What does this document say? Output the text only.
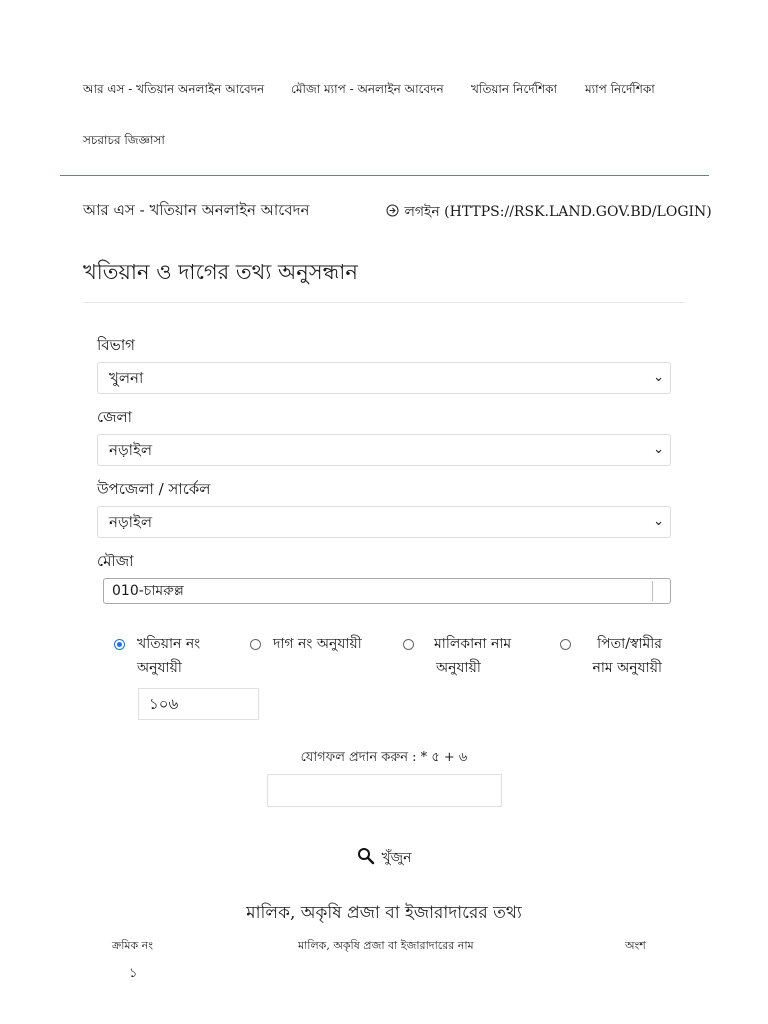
আর এস - খতিয়ান অনলাইন আবেদন মৌজা ম্যাপ - অনলাইন আবেদন খতিয়ান নির্দেশিকা ম্যাপ নির্দেশিকা
সচরাচর জিজ্ঞাসা
আর এস - খতিয়ান অনলাইন আবেদন	লগইন (HTTPS://RSK.LAND.GOV.BD/LOGIN)
খতিয়ান ও দাগের তথ্য অনুসন্ধান
বিভাগ
খুলনা	⌄
জেলা
নড়াইল	⌄
উপজেলা / সার্কেল
নড়াইল	⌄
মৌজা
010-চামরুল্ল
খতিয়ান নং
অনুযায়ী
দাগ নং অনুযায়ী	মালিকানা নাম
অনুযায়ী
পিতা/স্বামীর
নাম অনুযায়ী
১০৬
যোগফল প্রদান করুন : * ৫ + ৬
খুঁজুন
মালিক, অকৃষি প্রজা বা ইজারাদারের তথ্য
ক্রমিক নং	মালিক, অকৃষি প্রজা বা ইজারাদারের নাম	অংশ
১
